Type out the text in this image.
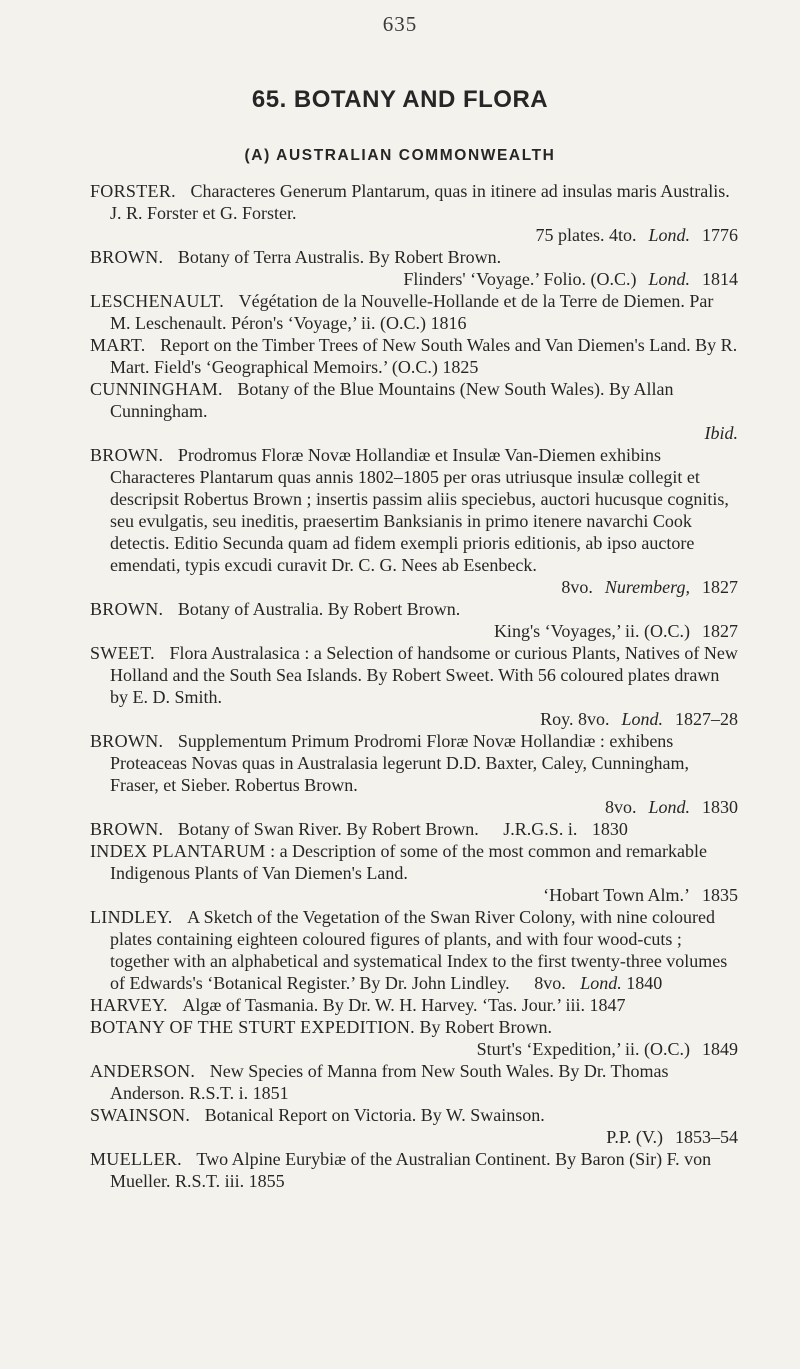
635
65. BOTANY AND FLORA
(A) AUSTRALIAN COMMONWEALTH

FORSTER. Characteres Generum Plantarum, quas in itinere ad insulas maris Australis. J. R. Forster et G. Forster.

75 plates. 4to. Lond. 1776

BROWN. Botany of Terra Australis. By Robert Brown.

Flinders' ‘Voyage.’ Folio. (O.C.) Lond. 1814

LESCHENAULT. Végétation de la Nouvelle-Hollande et de la Terre de Diemen. Par M. Leschenault. Péron's ‘Voyage,’ ii. (O.C.) 1816

MART. Report on the Timber Trees of New South Wales and Van Diemen's Land. By R. Mart. Field's ‘Geographical Memoirs.’ (O.C.) 1825

CUNNINGHAM. Botany of the Blue Mountains (New South Wales). By Allan Cunningham.

Ibid.

BROWN. Prodromus Floræ Novæ Hollandiæ et Insulæ Van-Diemen exhibins Characteres Plantarum quas annis 1802–1805 per oras utriusque insulæ collegit et descripsit Robertus Brown ; insertis passim aliis speciebus, auctori hucusque cognitis, seu evulgatis, seu ineditis, praesertim Banksianis in primo itenere navarchi Cook detectis. Editio Secunda quam ad fidem exempli prioris editionis, ab ipso auctore emendati, typis excudi curavit Dr. C. G. Nees ab Esenbeck.

8vo. Nuremberg, 1827

BROWN. Botany of Australia. By Robert Brown.

King's ‘Voyages,’ ii. (O.C.) 1827

SWEET. Flora Australasica : a Selection of handsome or curious Plants, Natives of New Holland and the South Sea Islands. By Robert Sweet. With 56 coloured plates drawn by E. D. Smith.

Roy. 8vo. Lond. 1827–28

BROWN. Supplementum Primum Prodromi Floræ Novæ Hollandiæ : exhibens Proteaceas Novas quas in Australasia legerunt D.D. Baxter, Caley, Cunningham, Fraser, et Sieber. Robertus Brown.

8vo. Lond. 1830

BROWN. Botany of Swan River. By Robert Brown. J.R.G.S. i. 1830

INDEX PLANTARUM : a Description of some of the most common and remarkable Indigenous Plants of Van Diemen's Land.

‘Hobart Town Alm.’ 1835

LINDLEY. A Sketch of the Vegetation of the Swan River Colony, with nine coloured plates containing eighteen coloured figures of plants, and with four wood-cuts ; together with an alphabetical and systematical Index to the first twenty-three volumes of Edwards's ‘Botanical Register.’ By Dr. John Lindley. 8vo. Lond. 1840

HARVEY. Algæ of Tasmania. By Dr. W. H. Harvey. ‘Tas. Jour.’ iii. 1847

BOTANY OF THE STURT EXPEDITION. By Robert Brown.

Sturt's ‘Expedition,’ ii. (O.C.) 1849

ANDERSON. New Species of Manna from New South Wales. By Dr. Thomas Anderson. R.S.T. i. 1851

SWAINSON. Botanical Report on Victoria. By W. Swainson.

P.P. (V.) 1853–54

MUELLER. Two Alpine Eurybiæ of the Australian Continent. By Baron (Sir) F. von Mueller. R.S.T. iii. 1855
